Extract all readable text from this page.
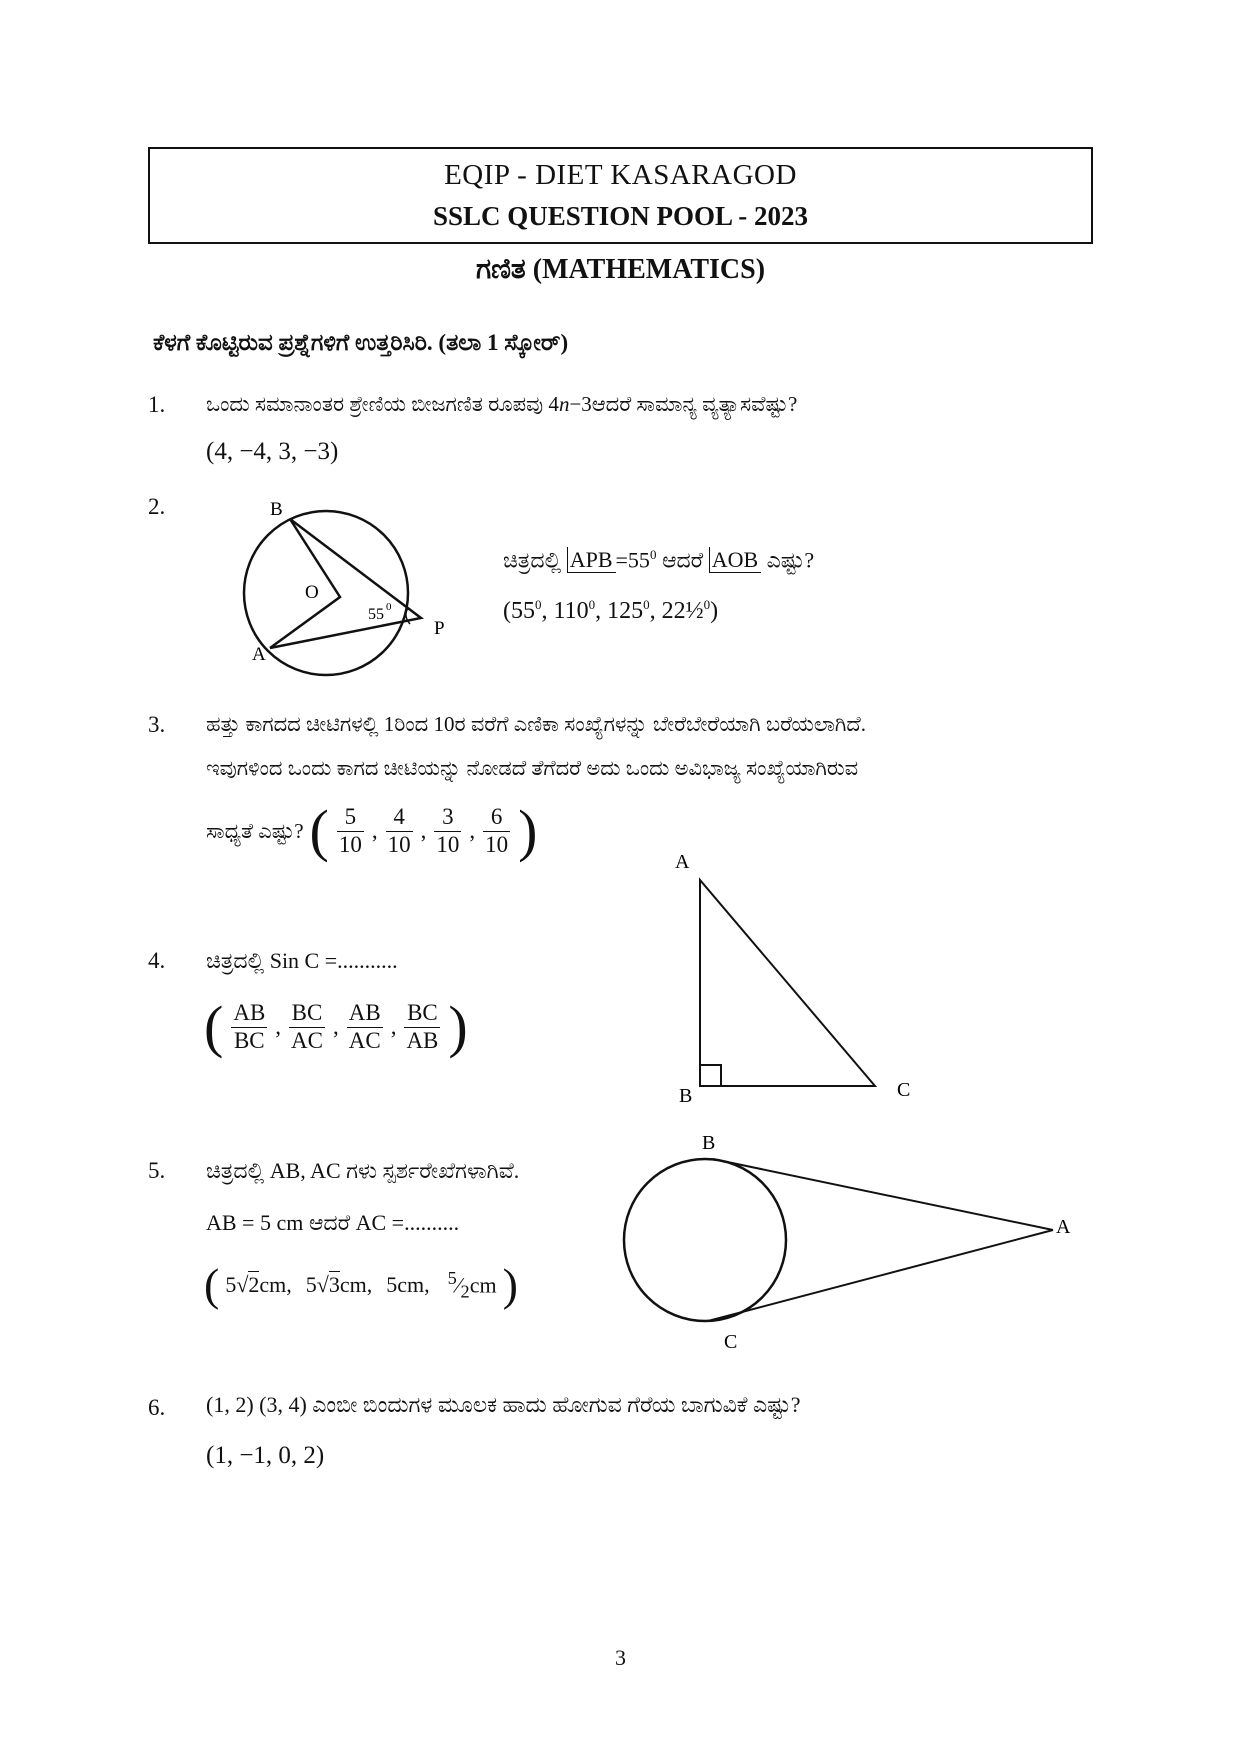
EQIP - DIET KASARAGOD
SSLC QUESTION POOL - 2023
ಗಣಿತ (MATHEMATICS)
ಕೆಳಗೆ ಕೊಟ್ಟಿರುವ ಪ್ರಶ್ನೆಗಳಿಗೆ ಉತ್ತರಿಸಿರಿ. (ತಲಾ 1 ಸ್ಕೋರ್)
1. ಒಂದು ಸಮಾನಾಂತರ ಶ್ರೇಣಿಯ ಬೀಜಗಣಿತ ರೂಪವು 4n−3ಆದರೆ ಸಾಮಾನ್ಯ ವ್ಯತ್ಯಾಸವೆಷ್ಟು?
(4, −4, 3, −3)
2.	B
O
P
A
55 0
ಚಿತ್ರದಲ್ಲಿ APB $=55^0$ ಆದರೆ AOB ಎಷ್ಟು?
($55^0$, $110^0$, $125^0$, 22½$^0$)
3. ಹತ್ತು ಕಾಗದದ ಚೀಟಿಗಳಲ್ಲಿ 1ರಿಂದ 10ರ ವರೆಗೆ ಎಣಿಕಾ ಸಂಖ್ಯೆಗಳನ್ನು ಬೇರೆಬೇರೆಯಾಗಿ ಬರೆಯಲಾಗಿದೆ.
ಇವುಗಳಿಂದ ಒಂದು ಕಾಗದ ಚೀಟಿಯನ್ನು ನೋಡದೆ ತೆಗೆದರೆ ಅದು ಒಂದು ಅವಿಭಾಜ್ಯ ಸಂಖ್ಯೆಯಾಗಿರುವ
ಸಾಧ್ಯತೆ ಎಷ್ಟು? ( $\frac{5}{10}$ , $\frac{4}{10}$ , $\frac{3}{10}$ , $\frac{6}{10}$ )
4. ಚಿತ್ರದಲ್ಲಿ Sin C =...........
( $\frac{AB}{BC}$ , $\frac{BC}{AC}$ , $\frac{AB}{AC}$ , $\frac{BC}{AB}$ )
A
B	C
5. ಚಿತ್ರದಲ್ಲಿ AB, AC ಗಳು ಸ್ಪರ್ಶರೇಖೆಗಳಾಗಿವೆ.
AB = 5 cm ಆದರೆ AC =..........
( 5√2cm, 5√3cm, 5cm, $^5⁄_2cm$ )
B
A
C
6. (1, 2) (3, 4) ಎಂಬೀ ಬಿಂದುಗಳ ಮೂಲಕ ಹಾದು ಹೋಗುವ ಗೆರೆಯ ಬಾಗುವಿಕೆ ಎಷ್ಟು?
(1, −1, 0, 2)
3
